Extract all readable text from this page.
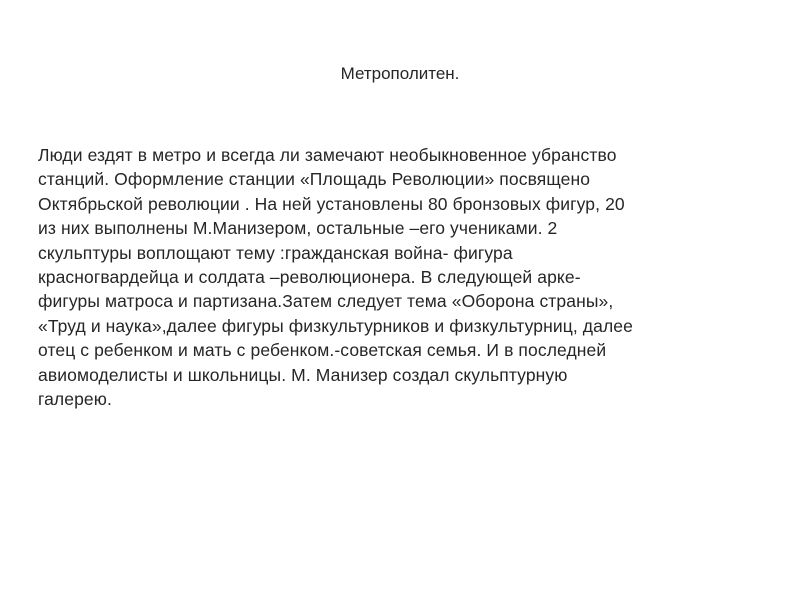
Метрополитен.

Люди ездят в метро и всегда ли замечают необыкновенное убранство
станций. Оформление станции «Площадь Революции» посвящено
Октябрьской революции . На ней установлены 80 бронзовых фигур, 20
из них выполнены М.Манизером, остальные –его учениками. 2
скульптуры воплощают тему :гражданская война- фигура
красногвардейца и солдата –революционера. В следующей арке-
фигуры матроса и партизана.Затем следует тема «Оборона страны»,
«Труд и наука»,далее фигуры физкультурников и физкультурниц, далее
отец с ребенком и мать с ребенком.-советская семья. И в последней
авиомоделисты и школьницы. М. Манизер создал скульптурную
галерею.
